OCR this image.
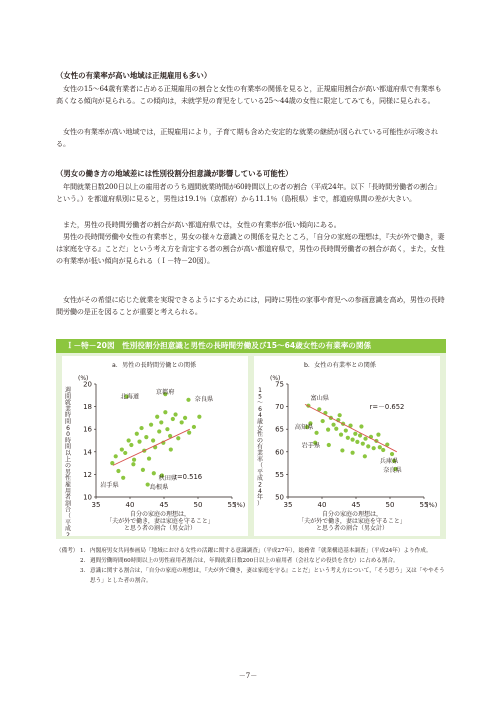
（女性の有業率が高い地域は正規雇用も多い）

女性の15～64歳有業者に占める正規雇用の割合と女性の有業率の関係を見ると，正規雇用割合が高い都道府県で有業率も高くなる傾向が見られる。この傾向は，未就学児の育児をしている25～44歳の女性に限定してみても，同様に見られる。

女性の有業率が高い地域では，正規雇用により，子育て期も含めた安定的な就業の継続が図られている可能性が示唆される。

（男女の働き方の地域差には性別役割分担意識が影響している可能性）

年間就業日数200日以上の雇用者のうち週間就業時間が60時間以上の者の割合（平成24年。以下「長時間労働者の割合」という。）を都道府県別に見ると，男性は19.1％（京都府）から11.1％（島根県）まで，都道府県間の差が大きい。

また，男性の長時間労働者の割合が高い都道府県では，女性の有業率が低い傾向にある。

男性の長時間労働や女性の有業率と，男女の様々な意識との関係を見たところ，「自分の家庭の理想は，『夫が外で働き，妻は家庭を守る』ことだ」という考え方を肯定する者の割合が高い都道府県で，男性の長時間労働者の割合が高く，また，女性の有業率が低い傾向が見られる（Ｉ－特－20図）。

女性がその希望に応じた就業を実現できるようにするためには，同時に男性の家事や育児への参画意識を高め，男性の長時間労働の是正を図ることが重要と考えられる。

Ｉ－特－20図　性別役割分担意識と男性の長時間労働及び15～64歳女性の有業率の関係
a．男性の長時間労働との関係
(%)
週
間
就
業
時
間
6
0
時
間
以
上
の
男
性
雇
用
者
割
合
（
平
成
2
10
12
14
16
18
20
35	40	45	50	55
(%)
自分の家庭の理想は，
「夫が外で働き，妻は家庭を守ること」
と思う者の割合（男女計）
京都府
北海道	奈良県
秋田県
島根県
岩手県
r=0.516
b．女性の有業率との関係
(%)
1
5
～
6
4
歳
女
性
の
有
業
率
（
平
成
2
4
年
）
50
55
60
65
70
75
35	40	45	50	55
(%)
自分の家庭の理想は，
「夫が外で働き，妻は家庭を守ること」
と思う者の割合（男女計）
富山県
高知県
岩手県
兵庫県
奈良県
r=－0.652
（備考） 1． 内閣府男女共同参画局「地域における女性の活躍に関する意識調査」（平成27年），総務省「就業構造基本調査」（平成24年）より作成。
2． 週間労働時間60時間以上の男性雇用者割合は，年間就業日数200日以上の雇用者（会社などの役員を含む）に占める割合。
3． 意識に関する割合は，「自分の家庭の理想は，『夫が外で働き，妻は家庭を守る』ことだ」という考え方について，「そう思う」又は「ややそう思う」とした者の割合。
－7－
